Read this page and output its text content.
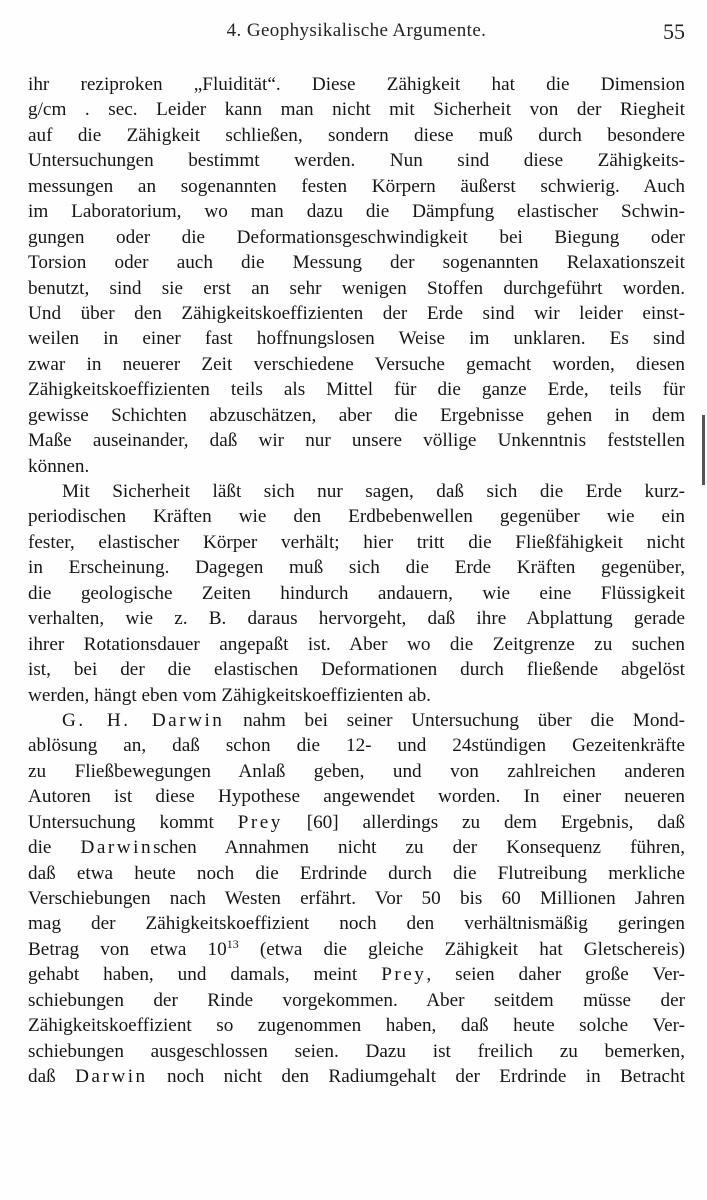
4. Geophysikalische Argumente.	55
ihr reziproken „Fluidität“. Diese Zähigkeit hat die Dimension
g/cm . sec. Leider kann man nicht mit Sicherheit von der Riegheit
auf die Zähigkeit schließen, sondern diese muß durch besondere
Untersuchungen bestimmt werden. Nun sind diese Zähigkeits-
messungen an sogenannten festen Körpern äußerst schwierig. Auch
im Laboratorium, wo man dazu die Dämpfung elastischer Schwin-
gungen oder die Deformationsgeschwindigkeit bei Biegung oder
Torsion oder auch die Messung der sogenannten Relaxationszeit
benutzt, sind sie erst an sehr wenigen Stoffen durchgeführt worden.
Und über den Zähigkeitskoeffizienten der Erde sind wir leider einst-
weilen in einer fast hoffnungslosen Weise im unklaren. Es sind
zwar in neuerer Zeit verschiedene Versuche gemacht worden, diesen
Zähigkeitskoeffizienten teils als Mittel für die ganze Erde, teils für
gewisse Schichten abzuschätzen, aber die Ergebnisse gehen in dem
Maße auseinander, daß wir nur unsere völlige Unkenntnis feststellen
können.
Mit Sicherheit läßt sich nur sagen, daß sich die Erde kurz-
periodischen Kräften wie den Erdbebenwellen gegenüber wie ein
fester, elastischer Körper verhält; hier tritt die Fließfähigkeit nicht
in Erscheinung. Dagegen muß sich die Erde Kräften gegenüber,
die geologische Zeiten hindurch andauern, wie eine Flüssigkeit
verhalten, wie z. B. daraus hervorgeht, daß ihre Abplattung gerade
ihrer Rotationsdauer angepaßt ist. Aber wo die Zeitgrenze zu suchen
ist, bei der die elastischen Deformationen durch fließende abgelöst
werden, hängt eben vom Zähigkeitskoeffizienten ab.
G. H. Darwin nahm bei seiner Untersuchung über die Mond-
ablösung an, daß schon die 12- und 24stündigen Gezeitenkräfte
zu Fließbewegungen Anlaß geben, und von zahlreichen anderen
Autoren ist diese Hypothese angewendet worden. In einer neueren
Untersuchung kommt Prey [60] allerdings zu dem Ergebnis, daß
die Darwinschen Annahmen nicht zu der Konsequenz führen,
daß etwa heute noch die Erdrinde durch die Flutreibung merkliche
Verschiebungen nach Westen erfährt. Vor 50 bis 60 Millionen Jahren
mag der Zähigkeitskoeffizient noch den verhältnismäßig geringen
Betrag von etwa $10^{13}$ (etwa die gleiche Zähigkeit hat Gletschereis)
gehabt haben, und damals, meint Prey, seien daher große Ver-
schiebungen der Rinde vorgekommen. Aber seitdem müsse der
Zähigkeitskoeffizient so zugenommen haben, daß heute solche Ver-
schiebungen ausgeschlossen seien. Dazu ist freilich zu bemerken,
daß Darwin noch nicht den Radiumgehalt der Erdrinde in Betracht
